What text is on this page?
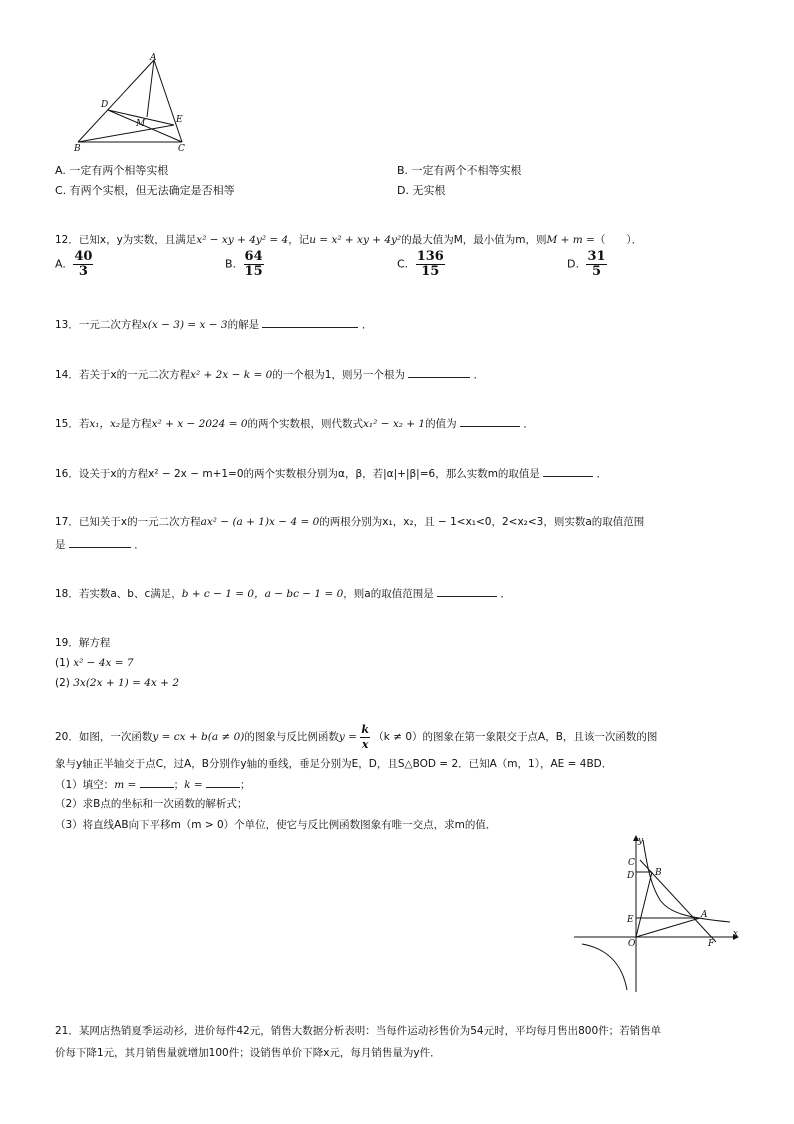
A
D
M	E
B	C
A. 一定有两个相等实根	B. 一定有两个不相等实根
C. 有两个实根，但无法确定是否相等	D. 无实根
12．已知x，y为实数，且满足x² − xy + 4y² = 4，记u = x² + xy + 4y²的最大值为M，最小值为m，则M + m =（　　）．
A. $\frac{40}{3}$	B. $\frac{64}{15}$	C. $\frac{136}{15}$	D. $\frac{31}{5}$
13．一元二次方程x(x − 3) = x − 3的解是	．
14．若关于x的一元二次方程x² + 2x − k = 0的一个根为1，则另一个根为	．
15．若x₁，x₂是方程x² + x − 2024 = 0的两个实数根，则代数式x₁² − x₂ + 1的值为	．
16．设关于x的方程x² − 2x − m+1=0的两个实数根分别为α，β，若|α|+|β|=6，那么实数m的取值是	．
17．已知关于x的一元二次方程ax² − (a + 1)x − 4 = 0的两根分别为x₁，x₂，且 − 1<x₁<0，2<x₂<3，则实数a的取值范围
是	．
18．若实数a、b、c满足，b + c − 1 = 0，a − bc − 1 = 0，则a的取值范围是	．
19．解方程
(1) x² − 4x = 7
(2) 3x(2x + 1) = 4x + 2
20．如图，一次函数y = cx + b(a ≠ 0)的图象与反比例函数$y = \frac{k}{x} (k \ne 0)$的图象在第一象限交于点A，B，且该一次函数的图
象与y轴正半轴交于点C，过A，B分别作y轴的垂线，垂足分别为E，D，且S△BOD = 2．已知A（m，1），AE = 4BD．
（1）填空：m =	；k =	；
（2）求B点的坐标和一次函数的解析式；
（3）将直线AB向下平移m（m > 0）个单位，使它与反比例函数图象有唯一交点，求m的值．
y
C
D B
E	A
O	F
x
21．某网店热销夏季运动衫，进价每件42元，销售大数据分析表明：当每件运动衫售价为54元时，平均每月售出800件；若销售单
价每下降1元，其月销售量就增加100件；设销售单价下降x元，每月销售量为y件．
